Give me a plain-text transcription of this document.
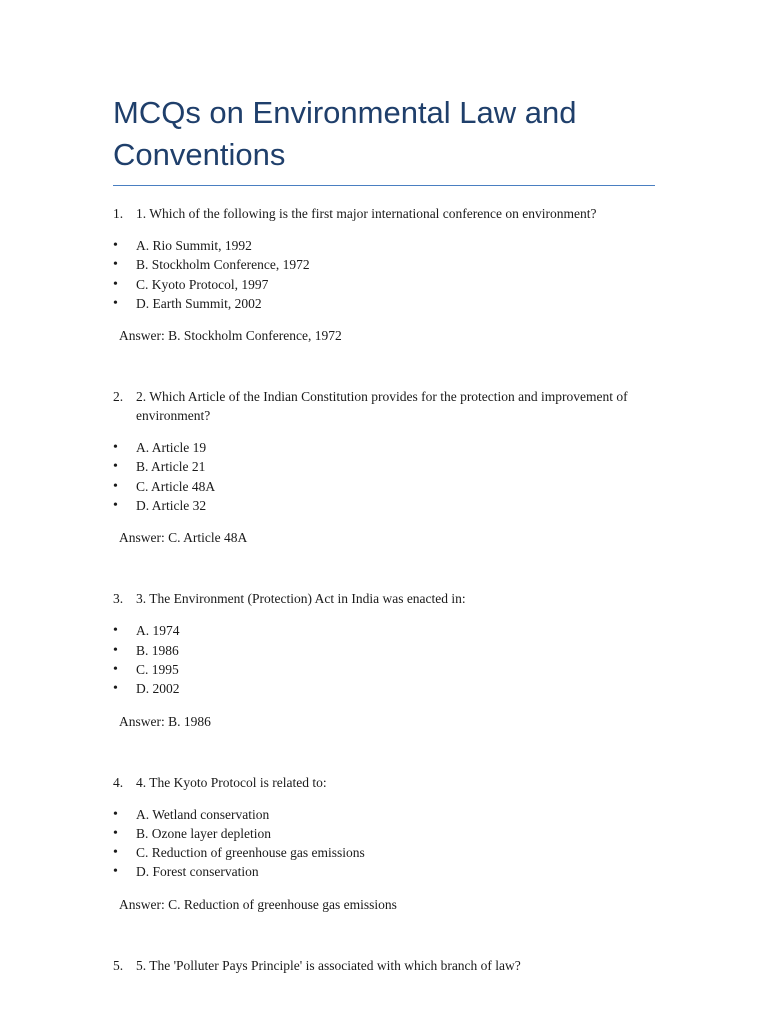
MCQs on Environmental Law and Conventions
1. 1. Which of the following is the first major international conference on environment?
• A. Rio Summit, 1992
• B. Stockholm Conference, 1972
• C. Kyoto Protocol, 1997
• D. Earth Summit, 2002
Answer: B. Stockholm Conference, 1972
2. 2. Which Article of the Indian Constitution provides for the protection and improvement of environment?
• A. Article 19
• B. Article 21
• C. Article 48A
• D. Article 32
Answer: C. Article 48A
3. 3. The Environment (Protection) Act in India was enacted in:
• A. 1974
• B. 1986
• C. 1995
• D. 2002
Answer: B. 1986
4. 4. The Kyoto Protocol is related to:
• A. Wetland conservation
• B. Ozone layer depletion
• C. Reduction of greenhouse gas emissions
• D. Forest conservation
Answer: C. Reduction of greenhouse gas emissions
5. 5. The 'Polluter Pays Principle' is associated with which branch of law?
